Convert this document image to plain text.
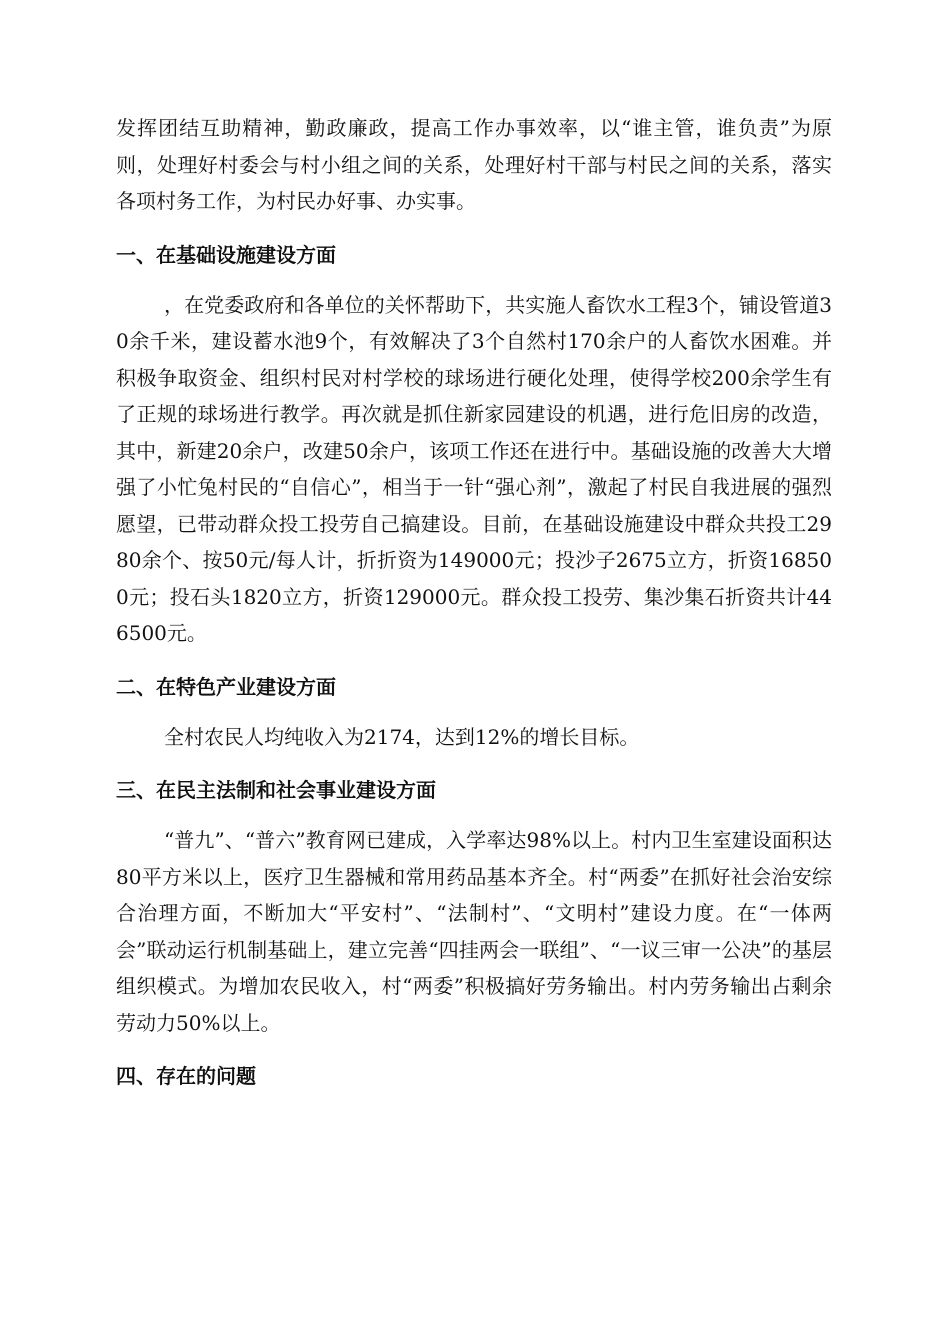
发挥团结互助精神，勤政廉政，提高工作办事效率，以“谁主管，谁负责”为原则，处理好村委会与村小组之间的关系，处理好村干部与村民之间的关系，落实各项村务工作，为村民办好事、办实事。

一、在基础设施建设方面

，在党委政府和各单位的关怀帮助下，共实施人畜饮水工程3个，铺设管道30余千米，建设蓄水池9个，有效解决了3个自然村170余户的人畜饮水困难。并积极争取资金、组织村民对村学校的球场进行硬化处理，使得学校200余学生有了正规的球场进行教学。再次就是抓住新家园建设的机遇，进行危旧房的改造，其中，新建20余户，改建50余户，该项工作还在进行中。基础设施的改善大大增强了小忙兔村民的“自信心”，相当于一针“强心剂”，激起了村民自我进展的强烈愿望，已带动群众投工投劳自己搞建设。目前，在基础设施建设中群众共投工2980余个、按50元/每人计，折折资为149000元；投沙子2675立方，折资168500元；投石头1820立方，折资129000元。群众投工投劳、集沙集石折资共计446500元。

二、在特色产业建设方面

全村农民人均纯收入为2174，达到12%的增长目标。

三、在民主法制和社会事业建设方面

“普九”、“普六”教育网已建成，入学率达98%以上。村内卫生室建设面积达80平方米以上，医疗卫生器械和常用药品基本齐全。村“两委”在抓好社会治安综合治理方面，不断加大“平安村”、“法制村”、“文明村”建设力度。在“一体两会”联动运行机制基础上，建立完善“四挂两会一联组”、“一议三审一公决”的基层组织模式。为增加农民收入，村“两委”积极搞好劳务输出。村内劳务输出占剩余劳动力50%以上。

四、存在的问题
